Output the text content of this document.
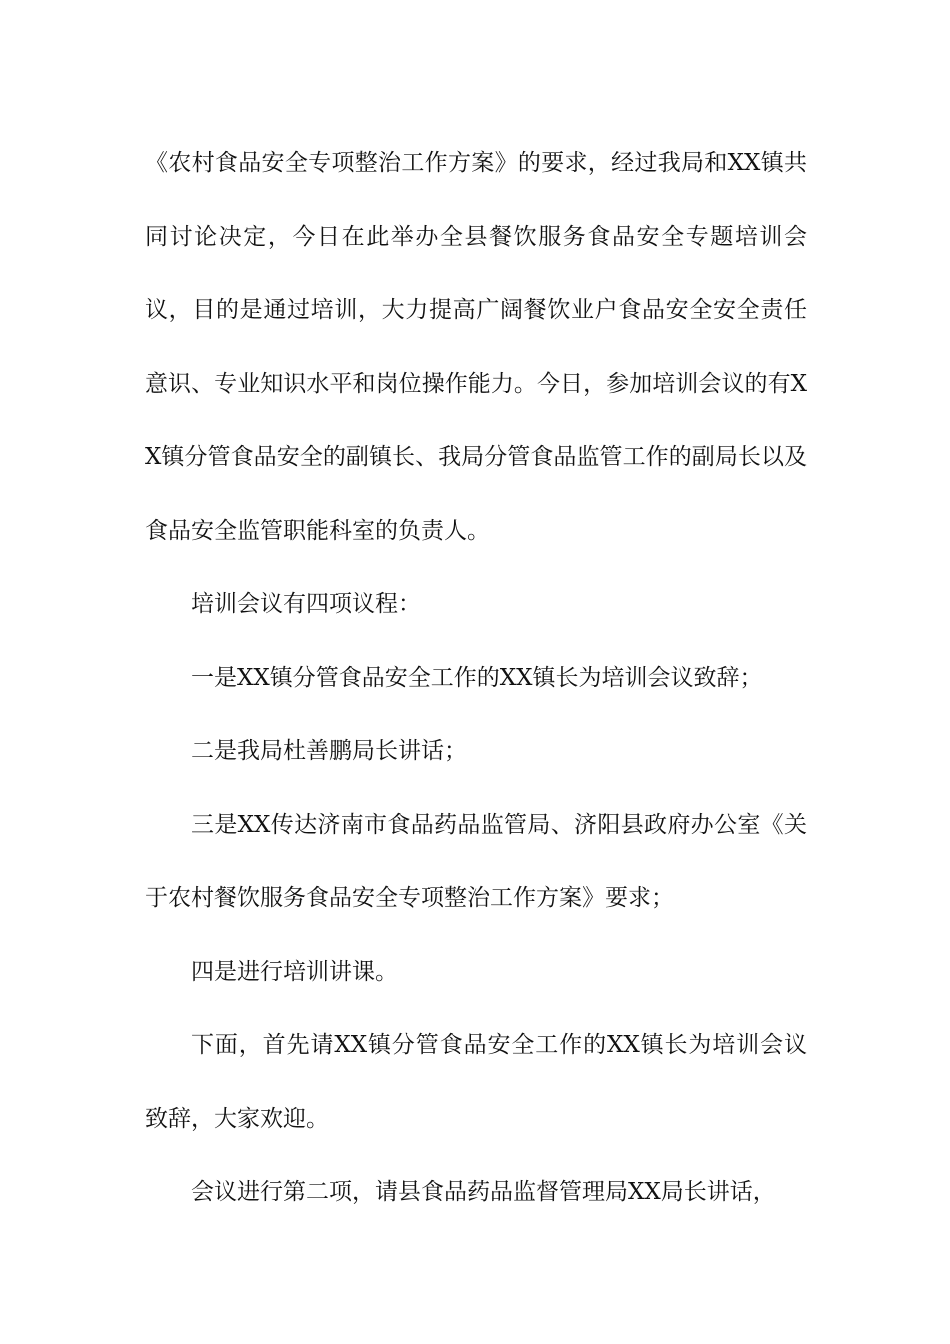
《农村食品安全专项整治工作方案》的要求，经过我局和XX镇共同讨论决定，今日在此举办全县餐饮服务食品安全专题培训会议，目的是通过培训，大力提高广阔餐饮业户食品安全安全责任意识、专业知识水平和岗位操作能力。今日，参加培训会议的有XX镇分管食品安全的副镇长、我局分管食品监管工作的副局长以及食品安全监管职能科室的负责人。

培训会议有四项议程：

一是XX镇分管食品安全工作的XX镇长为培训会议致辞；

二是我局杜善鹏局长讲话；

三是XX传达济南市食品药品监管局、济阳县政府办公室《关于农村餐饮服务食品安全专项整治工作方案》要求；

四是进行培训讲课。

下面，首先请XX镇分管食品安全工作的XX镇长为培训会议致辞，大家欢迎。

会议进行第二项，请县食品药品监督管理局XX局长讲话，
